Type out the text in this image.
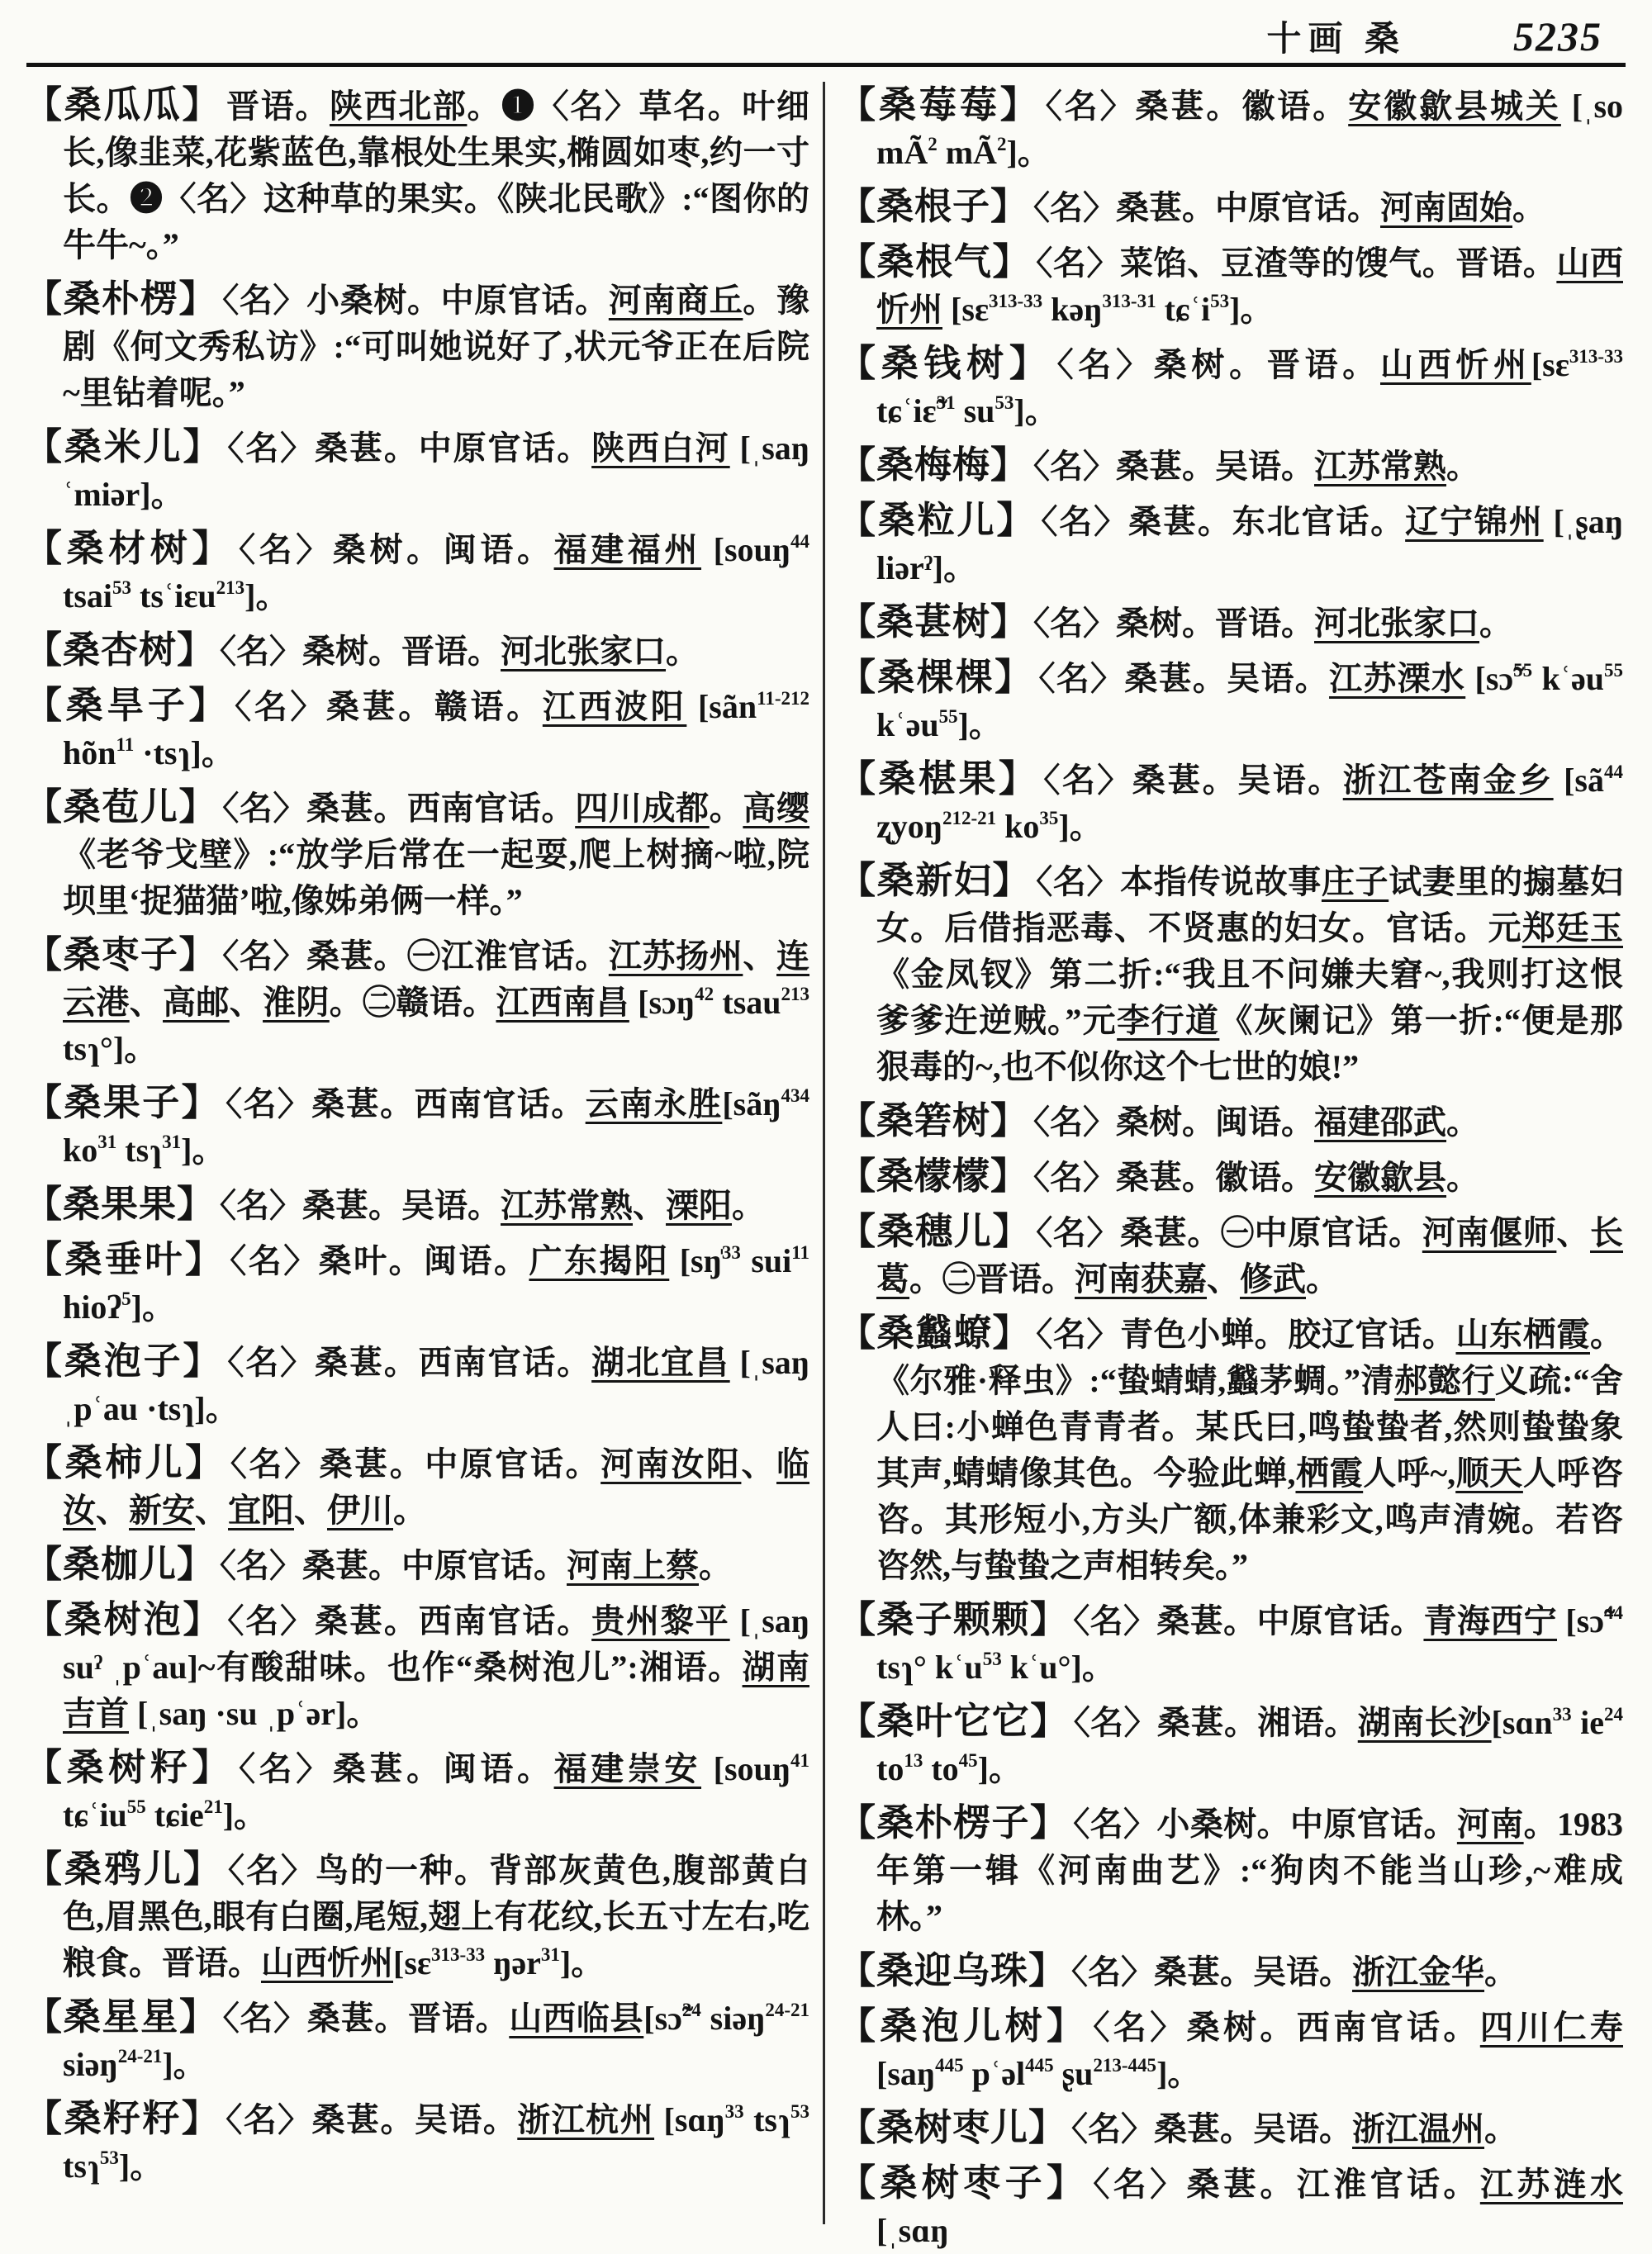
十画 桑	5235
【桑瓜瓜】 晋语。陕西北部。❶〈名〉草名。叶细长,像韭菜,花紫蓝色,靠根处生果实,椭圆如枣,约一寸长。❷〈名〉这种草的果实。《陕北民歌》:“图你的牛牛~。”
【桑朴楞】 〈名〉小桑树。中原官话。河南商丘。豫剧《何文秀私访》:“可叫她说好了,状元爷正在后院~里钻着呢。”
【桑米儿】 〈名〉桑葚。中原官话。陕西白河 [ˌsaŋ ʿmiər]。
【桑材树】 〈名〉桑树。闽语。福建福州 [souŋ$^{44}$ tsai$^{53}$ tsʿiɛu$^{213}$]。
【桑杏树】 〈名〉桑树。晋语。河北张家口。
【桑旱子】 〈名〉桑葚。赣语。江西波阳 [sãn$^{11-212}$ hõn$^{11}$ ·tsɿ]。
【桑苞儿】 〈名〉桑葚。西南官话。四川成都。高缨《老爷戈壁》:“放学后常在一起耍,爬上树摘~啦,院坝里‘捉猫猫’啦,像姊弟俩一样。”
【桑枣子】 〈名〉桑葚。㊀江淮官话。江苏扬州、连云港、高邮、淮阴。㊁赣语。江西南昌 [sɔŋ$^{42}$ tsau$^{213}$ tsɿ°]。
【桑果子】 〈名〉桑葚。西南官话。云南永胜[sãŋ$^{434}$ $ko^{31}$ tsɿ$^{31}$]。
【桑果果】 〈名〉桑葚。吴语。江苏常熟、溧阳。
【桑垂叶】 〈名〉桑叶。闽语。广东揭阳 [sŋ̍$^{33}$ sui$^{11}$ hioʔ$^5$]。
【桑泡子】 〈名〉桑葚。西南官话。湖北宜昌 [ˌsaŋ ˌpʿau ·tsɿ]。
【桑柿儿】 〈名〉桑葚。中原官话。河南汝阳、临汝、新安、宜阳、伊川。
【桑枷儿】 〈名〉桑葚。中原官话。河南上蔡。
【桑树泡】 〈名〉桑葚。西南官话。贵州黎平 [ˌsaŋ suˀ ˌpʿau]~有酸甜味。也作“桑树泡儿”:湘语。湖南吉首 [ˌsaŋ ·su ˌpʿər]。
【桑树籽】 〈名〉桑葚。闽语。福建崇安 [souŋ$^{41}$ tɕʿiu$^{55}$ tɕie$^{21}$]。
【桑鸦儿】 〈名〉鸟的一种。背部灰黄色,腹部黄白色,眉黑色,眼有白圈,尾短,翅上有花纹,长五寸左右,吃粮食。晋语。山西忻州[sɛ$^{313-33}$ ŋər$^{31}$]。
【桑星星】 〈名〉桑葚。晋语。山西临县[sɔ̃$^{24}$ siəŋ$^{24-21}$ siəŋ$^{24-21}$]。
【桑籽籽】 〈名〉桑葚。吴语。浙江杭州 [sɑŋ$^{33}$ tsɿ$^{53}$ tsɿ$^{53}$]。
【桑莓莓】 〈名〉桑葚。徽语。安徽歙县城关 [ˌso $mÃ^2$ $mÃ^2$]。
【桑根子】 〈名〉桑葚。中原官话。河南固始。
【桑根气】 〈名〉菜馅、豆渣等的馊气。晋语。山西忻州 [sɛ$^{313-33}$ kəŋ$^{313-31}$ tɕʿi$^{53}$]。
【桑钱树】 〈名〉桑树。晋语。山西忻州[sɛ$^{313-33}$ tɕʿiɛ̃$^{31}$ $su^{53}$]。
【桑梅梅】 〈名〉桑葚。吴语。江苏常熟。
【桑粒儿】 〈名〉桑葚。东北官话。辽宁锦州 [ˌʂaŋ liərˀ]。
【桑葚树】 〈名〉桑树。晋语。河北张家口。
【桑棵棵】 〈名〉桑葚。吴语。江苏溧水 [sɔ̃$^{55}$ kʿəu$^{55}$ kʿəu$^{55}$]。
【桑椹果】 〈名〉桑葚。吴语。浙江苍南金乡 [$sã^{44}$ ʐyoŋ$^{212-21}$ $ko^{35}$]。
【桑新妇】 〈名〉本指传说故事庄子试妻里的搧墓妇女。后借指恶毒、不贤惠的妇女。官话。元郑廷玉《金凤钗》第二折:“我且不问嫌夫窘~,我则打这恨爹爹迕逆贼。”元李行道《灰阑记》第一折:“便是那狠毒的~,也不似你这个七世的娘!”
【桑箬树】 〈名〉桑树。闽语。福建邵武。
【桑檬檬】 〈名〉桑葚。徽语。安徽歙县。
【桑穗儿】 〈名〉桑葚。㊀中原官话。河南偃师、长葛。㊁晋语。河南获嘉、修武。
【桑蠽蟟】 〈名〉青色小蝉。胶辽官话。山东栖霞。《尔雅·释虫》:“蛰蜻蜻,蠽茅蜩。”清郝懿行义疏:“舍人曰:小蝉色青青者。某氏曰,鸣蛰蛰者,然则蛰蛰象其声,蜻蜻像其色。今验此蝉,栖霞人呼~,顺天人呼咨咨。其形短小,方头广额,体兼彩文,鸣声清婉。若咨咨然,与蛰蛰之声相转矣。”
【桑子颗颗】 〈名〉桑葚。中原官话。青海西宁 [sɔ̃$^{44}$ tsɿ° kʿu$^{53}$ kʿu°]。
【桑叶它它】 〈名〉桑葚。湘语。湖南长沙[sɑn$^{33}$ $ie^{24}$ $to^{13}$ $to^{45}$]。
【桑朴楞子】 〈名〉小桑树。中原官话。河南。1983年第一辑《河南曲艺》:“狗肉不能当山珍,~难成林。”
【桑迎乌珠】 〈名〉桑葚。吴语。浙江金华。
【桑泡儿树】 〈名〉桑树。西南官话。四川仁寿[saŋ$^{445}$ pʿəl$^{445}$ ʂu$^{213-445}$]。
【桑树枣儿】 〈名〉桑葚。吴语。浙江温州。
【桑树枣子】 〈名〉桑葚。江淮官话。江苏涟水 [ˌsɑŋ
